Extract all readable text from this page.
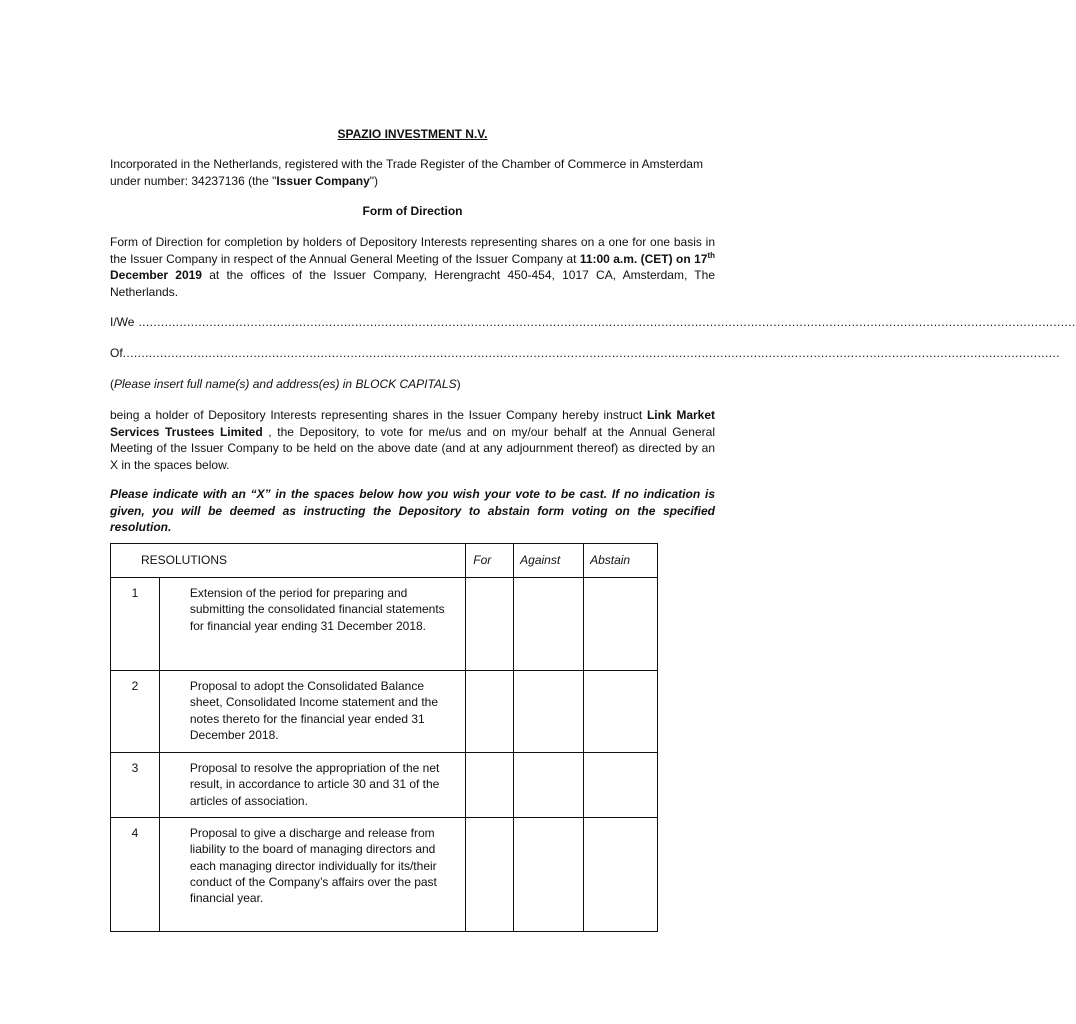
SPAZIO INVESTMENT N.V.
Incorporated in the Netherlands, registered with the Trade Register of the Chamber of Commerce in Amsterdam under number: 34237136 (the "Issuer Company")
Form of Direction
Form of Direction for completion by holders of Depository Interests representing shares on a one for one basis in the Issuer Company in respect of the Annual General Meeting of the Issuer Company at 11:00 a.m. (CET) on 17th December 2019 at the offices of the Issuer Company, Herengracht 450-454, 1017 CA, Amsterdam, The Netherlands.
I/We ...........................................................................................................................................................................................................................................................
Of ...........................................................................................................................................................................................................................................................
(Please insert full name(s) and address(es) in BLOCK CAPITALS)
being a holder of Depository Interests representing shares in the Issuer Company hereby instruct Link Market Services Trustees Limited , the Depository, to vote for me/us and on my/our behalf at the Annual General Meeting of the Issuer Company to be held on the above date (and at any adjournment thereof) as directed by an X in the spaces below.
Please indicate with an “X” in the spaces below how you wish your vote to be cast. If no indication is given, you will be deemed as instructing the Depository to abstain form voting on the specified resolution.
RESOLUTIONS		For	Against	Abstain
1	Extension of the period for preparing and submitting the consolidated financial statements for financial year ending 31 December 2018.			
2	Proposal to adopt the Consolidated Balance sheet, Consolidated Income statement and the notes thereto for the financial year ended 31 December 2018.			
3	Proposal to resolve the appropriation of the net result, in accordance to article 30 and 31 of the articles of association.			
4	Proposal to give a discharge and release from liability to the board of managing directors and each managing director individually for its/their conduct of the Company’s affairs over the past financial year.			
